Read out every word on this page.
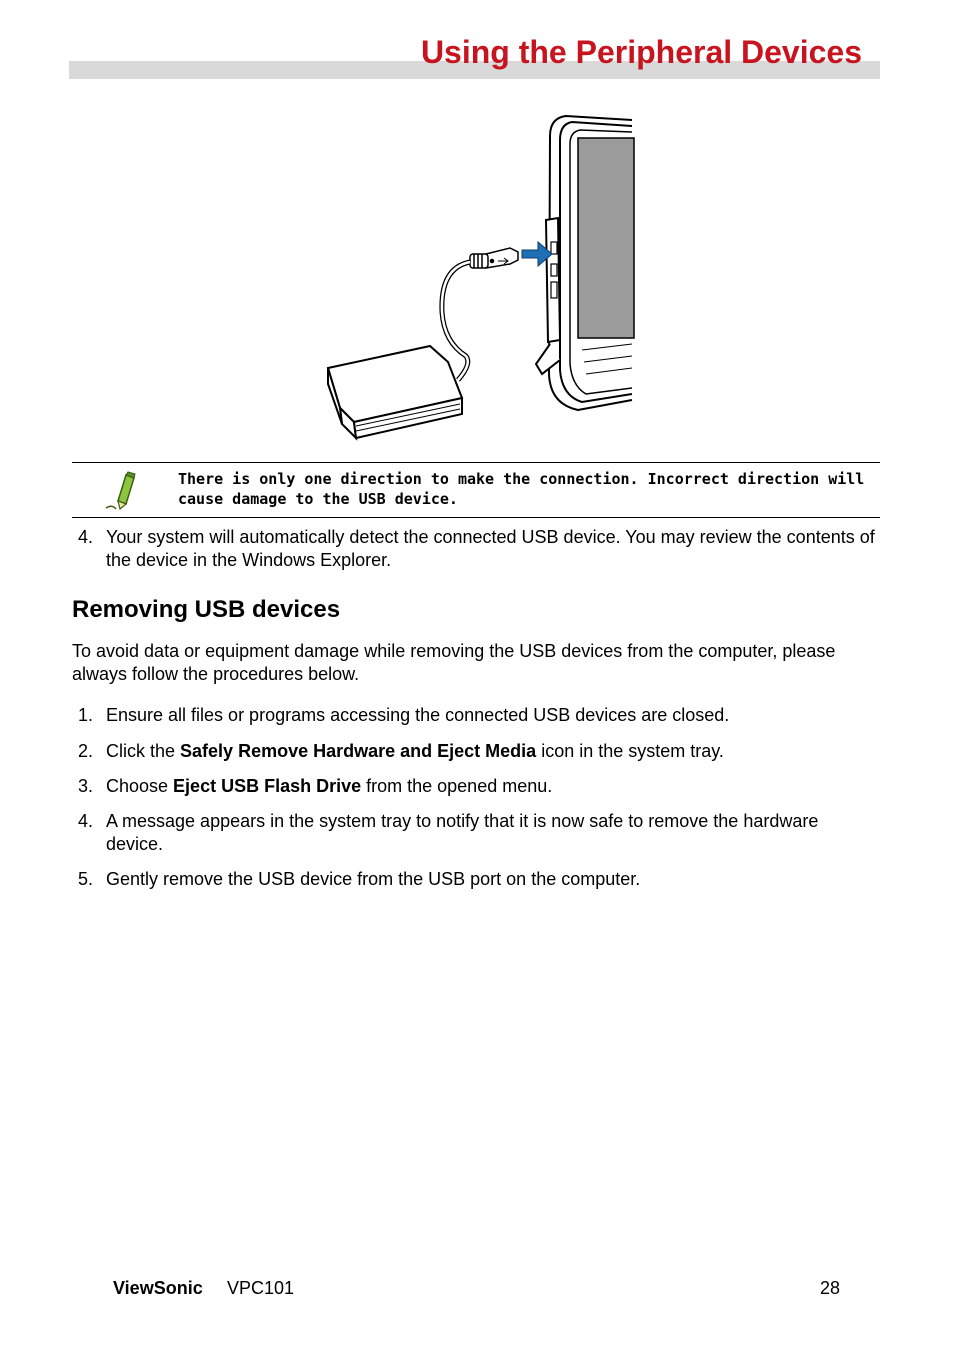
Using the Peripheral Devices

There is only one direction to make the connection. Incorrect direction will cause damage to the USB device.

4. Your system will automatically detect the connected USB device. You may review the contents of the device in the Windows Explorer.

Removing USB devices

To avoid data or equipment damage while removing the USB devices from the computer, please always follow the procedures below.

1. Ensure all files or programs accessing the connected USB devices are closed.

2. Click the Safely Remove Hardware and Eject Media icon in the system tray.

3. Choose Eject USB Flash Drive from the opened menu.

4. A message appears in the system tray to notify that it is now safe to remove the hardware device.

5. Gently remove the USB device from the USB port on the computer.

ViewSonic VPC101	28
